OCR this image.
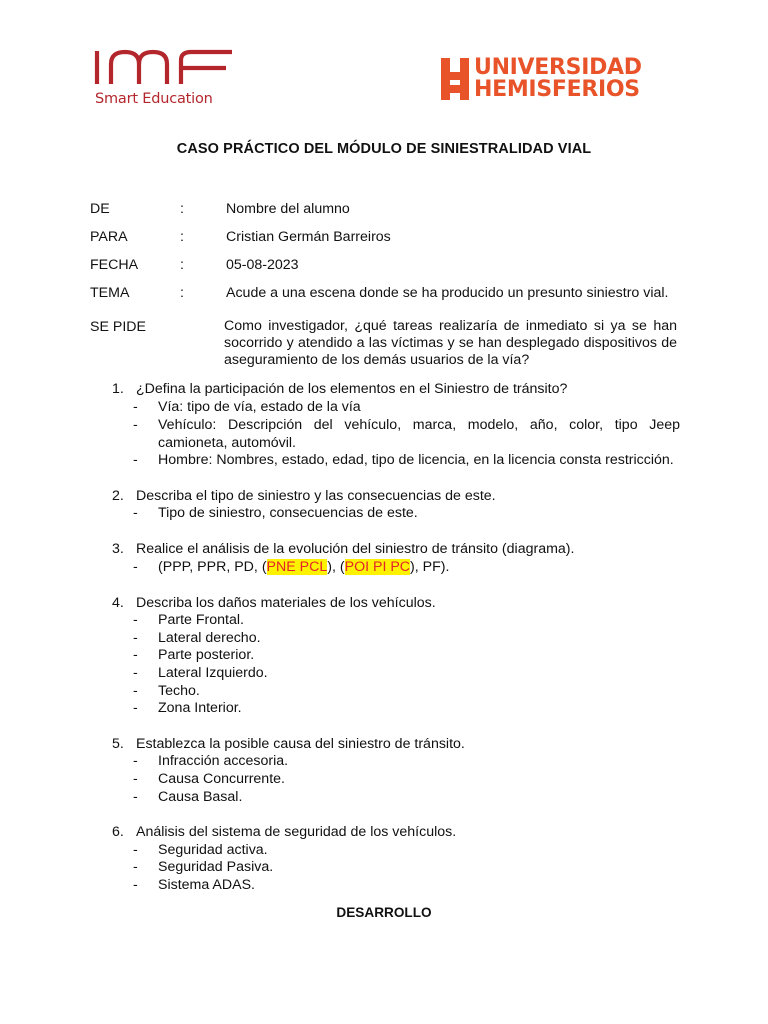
Smart Education
UNIVERSIDAD
HEMISFERIOS
CASO PRÁCTICO DEL MÓDULO DE SINIESTRALIDAD VIAL
DE	:	Nombre del alumno
PARA	:	Cristian Germán Barreiros
FECHA	:	05-08-2023
TEMA	:	Acude a una escena donde se ha producido un presunto siniestro vial.
SE PIDE	Como investigador, ¿qué tareas realizaría de inmediato si ya se han socorrido y atendido a las víctimas y se han desplegado dispositivos de aseguramiento de los demás usuarios de la vía?
1. ¿Defina la participación de los elementos en el Siniestro de tránsito?
- Vía: tipo de vía, estado de la vía
- Vehículo: Descripción del vehículo, marca, modelo, año, color, tipo Jeep camioneta, automóvil.
- Hombre: Nombres, estado, edad, tipo de licencia, en la licencia consta restricción.
2. Describa el tipo de siniestro y las consecuencias de este.
- Tipo de siniestro, consecuencias de este.
3. Realice el análisis de la evolución del siniestro de tránsito (diagrama).
- (PPP, PPR, PD, (PNE PCL), (POI PI PC), PF).
4. Describa los daños materiales de los vehículos.
- Parte Frontal.
- Lateral derecho.
- Parte posterior.
- Lateral Izquierdo.
- Techo.
- Zona Interior.
5. Establezca la posible causa del siniestro de tránsito.
- Infracción accesoria.
- Causa Concurrente.
- Causa Basal.
6. Análisis del sistema de seguridad de los vehículos.
- Seguridad activa.
- Seguridad Pasiva.
- Sistema ADAS.
DESARROLLO
